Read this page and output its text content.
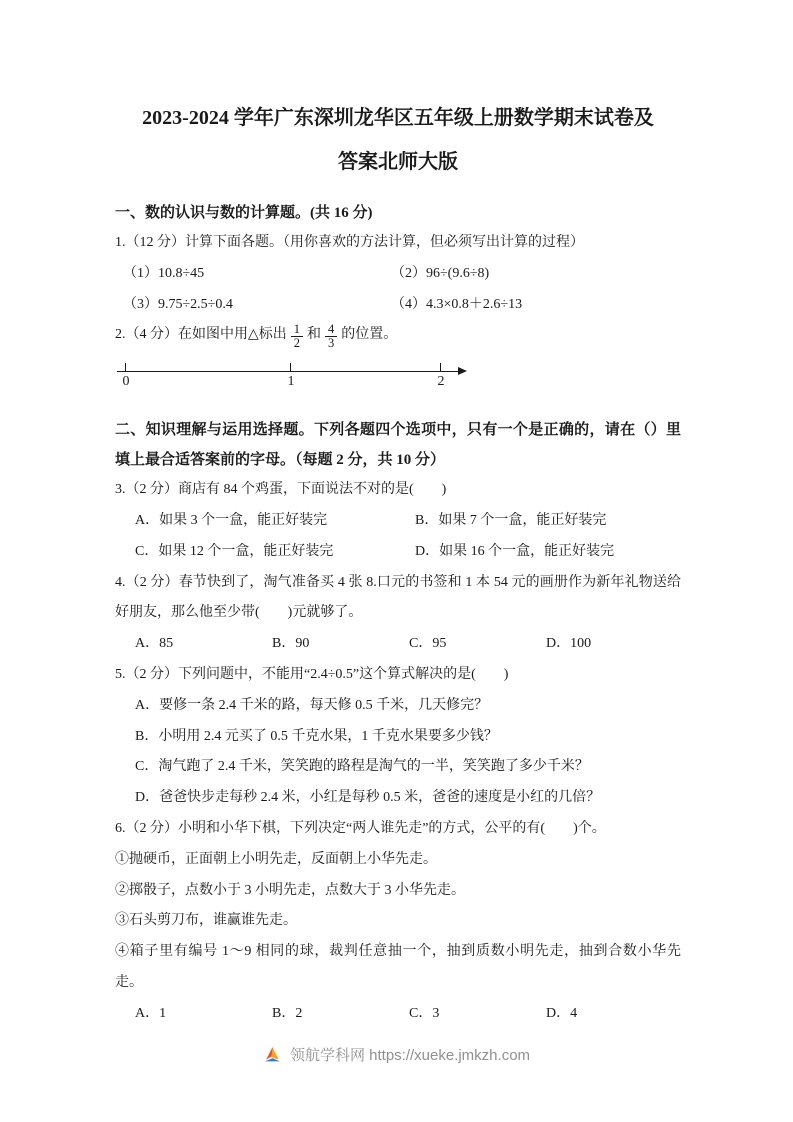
2023-2024 学年广东深圳龙华区五年级上册数学期末试卷及
答案北师大版

一、数的认识与数的计算题。(共 16 分)

1.（12 分）计算下面各题。（用你喜欢的方法计算，但必须写出计算的过程）

（1）10.8÷45	（2）96÷(9.6÷8)
（3）9.75÷2.5÷0.4	（4）4.3×0.8＋2.6÷13

2.（4 分）在如图中用△标出 $\frac{1}{2}$ 和 $\frac{4}{3}$ 的位置。

0	1	2

二、知识理解与运用选择题。下列各题四个选项中，只有一个是正确的，请在（）里填上最合适答案前的字母。（每题 2 分，共 10 分）

3.（2 分）商店有 84 个鸡蛋，下面说法不对的是(　　)

A．如果 3 个一盒，能正好装完	B．如果 7 个一盒，能正好装完
C．如果 12 个一盒，能正好装完	D．如果 16 个一盒，能正好装完

4.（2 分）春节快到了，淘气准备买 4 张 8.口元的书签和 1 本 54 元的画册作为新年礼物送给好朋友，那么他至少带(　　)元就够了。

A．85	B．90	C．95	D．100

5.（2 分）下列问题中，不能用“2.4÷0.5”这个算式解决的是(　　)

A．要修一条 2.4 千米的路，每天修 0.5 千米，几天修完？

B．小明用 2.4 元买了 0.5 千克水果，1 千克水果要多少钱？

C．淘气跑了 2.4 千米，笑笑跑的路程是淘气的一半，笑笑跑了多少千米？

D．爸爸快步走每秒 2.4 米，小红是每秒 0.5 米，爸爸的速度是小红的几倍？

6.（2 分）小明和小华下棋，下列决定“两人谁先走”的方式，公平的有(　　)个。

①抛硬币，正面朝上小明先走，反面朝上小华先走。

②掷骰子，点数小于 3 小明先走，点数大于 3 小华先走。

③石头剪刀布，谁赢谁先走。

④箱子里有编号 1～9 相同的球，裁判任意抽一个，抽到质数小明先走，抽到合数小华先走。

A．1	B．2	C．3	D．4
领航学科网 https://xueke.jmkzh.com
